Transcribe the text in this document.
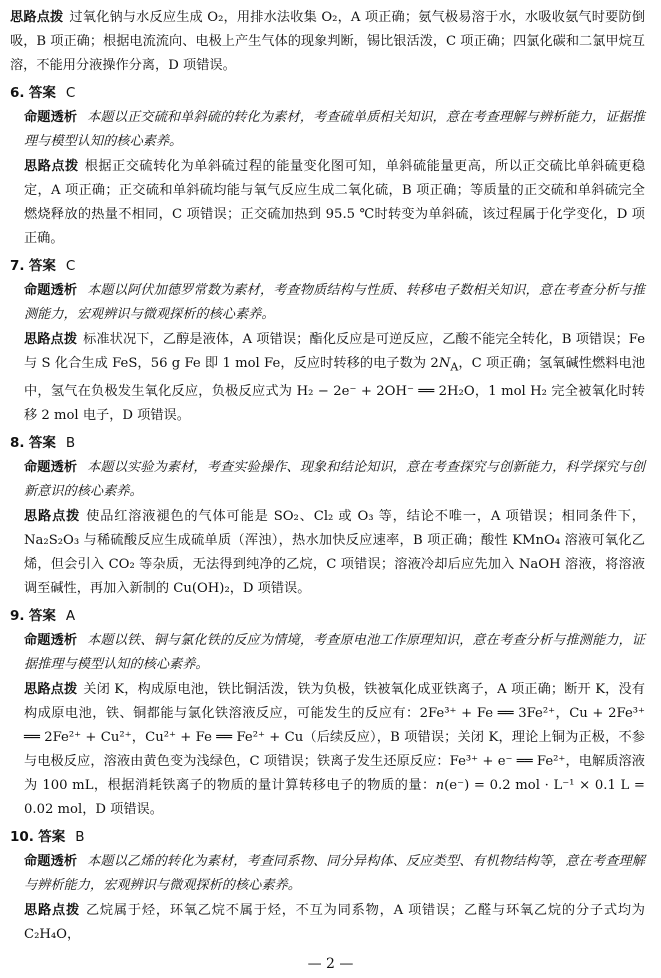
思路点拨 过氧化钠与水反应生成 O₂，用排水法收集 O₂，A 项正确；氨气极易溶于水，水吸收氨气时要防倒吸，B 项正确；根据电流流向、电极上产生气体的现象判断，锡比银活泼，C 项正确；四氯化碳和二氯甲烷互溶，不能用分液操作分离，D 项错误。

6. 答案 C

命题透析 本题以正交硫和单斜硫的转化为素材，考查硫单质相关知识，意在考查理解与辨析能力，证据推理与模型认知的核心素养。

思路点拨 根据正交硫转化为单斜硫过程的能量变化图可知，单斜硫能量更高，所以正交硫比单斜硫更稳定，A 项正确；正交硫和单斜硫均能与氧气反应生成二氧化硫，B 项正确；等质量的正交硫和单斜硫完全燃烧释放的热量不相同，C 项错误；正交硫加热到 95.5 ℃时转变为单斜硫，该过程属于化学变化，D 项正确。

7. 答案 C

命题透析 本题以阿伏加德罗常数为素材，考查物质结构与性质、转移电子数相关知识，意在考查分析与推测能力，宏观辨识与微观探析的核心素养。

思路点拨 标准状况下，乙醇是液体，A 项错误；酯化反应是可逆反应，乙酸不能完全转化，B 项错误；Fe 与 S 化合生成 FeS，56 g Fe 即 1 mol Fe，反应时转移的电子数为 $2N_A$，C 项正确；氢氧碱性燃料电池中，氢气在负极发生氧化反应，负极反应式为 H₂ − 2e⁻ + 2OH⁻ ══ 2H₂O，1 mol H₂ 完全被氧化时转移 2 mol 电子，D 项错误。

8. 答案 B

命题透析 本题以实验为素材，考查实验操作、现象和结论知识，意在考查探究与创新能力，科学探究与创新意识的核心素养。

思路点拨 使品红溶液褪色的气体可能是 SO₂、Cl₂ 或 O₃ 等，结论不唯一，A 项错误；相同条件下，Na₂S₂O₃ 与稀硫酸反应生成硫单质（浑浊），热水加快反应速率，B 项正确；酸性 KMnO₄ 溶液可氧化乙烯，但会引入 CO₂ 等杂质，无法得到纯净的乙烷，C 项错误；溶液冷却后应先加入 NaOH 溶液，将溶液调至碱性，再加入新制的 Cu(OH)₂，D 项错误。

9. 答案 A

命题透析 本题以铁、铜与氯化铁的反应为情境，考查原电池工作原理知识，意在考查分析与推测能力，证据推理与模型认知的核心素养。

思路点拨 关闭 K，构成原电池，铁比铜活泼，铁为负极，铁被氧化成亚铁离子，A 项正确；断开 K，没有构成原电池，铁、铜都能与氯化铁溶液反应，可能发生的反应有：2Fe³⁺ + Fe ══ 3Fe²⁺，Cu + 2Fe³⁺ ══ 2Fe²⁺ + Cu²⁺，Cu²⁺ + Fe ══ Fe²⁺ + Cu（后续反应），B 项错误；关闭 K，理论上铜为正极，不参与电极反应，溶液由黄色变为浅绿色，C 项错误；铁离子发生还原反应：Fe³⁺ + e⁻ ══ Fe²⁺，电解质溶液为 100 mL，根据消耗铁离子的物质的量计算转移电子的物质的量：n(e⁻) = 0.2 mol · L⁻¹ × 0.1 L = 0.02 mol，D 项错误。

10. 答案 B

命题透析 本题以乙烯的转化为素材，考查同系物、同分异构体、反应类型、有机物结构等，意在考查理解与辨析能力，宏观辨识与微观探析的核心素养。

思路点拨 乙烷属于烃，环氧乙烷不属于烃，不互为同系物，A 项错误；乙醛与环氧乙烷的分子式均为 C₂H₄O，

— 2 —
